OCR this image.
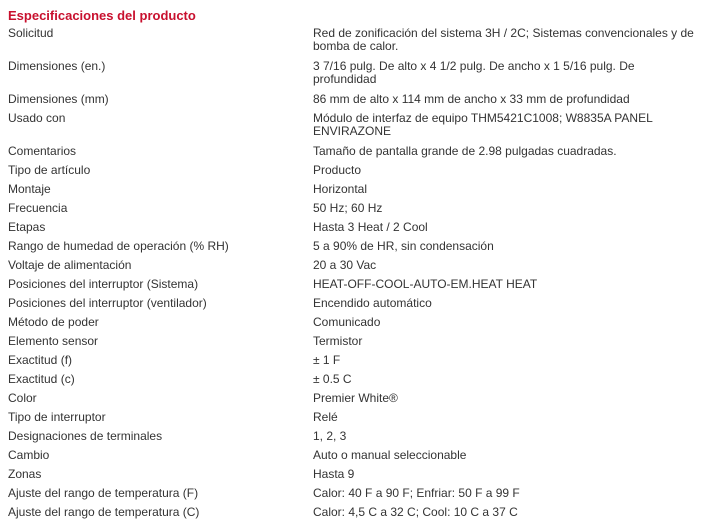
Especificaciones del producto
Solicitud	Red de zonificación del sistema 3H / 2C; Sistemas convencionales y de bomba de calor.
Dimensiones (en.)	3 7/16 pulg. De alto x 4 1/2 pulg. De ancho x 1 5/16 pulg. De profundidad
Dimensiones (mm)	86 mm de alto x 114 mm de ancho x 33 mm de profundidad
Usado con	Módulo de interfaz de equipo THM5421C1008; W8835A PANEL ENVIRAZONE
Comentarios	Tamaño de pantalla grande de 2.98 pulgadas cuadradas.
Tipo de artículo	Producto
Montaje	Horizontal
Frecuencia	50 Hz; 60 Hz
Etapas	Hasta 3 Heat / 2 Cool
Rango de humedad de operación (% RH)	5 a 90% de HR, sin condensación
Voltaje de alimentación	20 a 30 Vac
Posiciones del interruptor (Sistema)	HEAT-OFF-COOL-AUTO-EM.HEAT HEAT
Posiciones del interruptor (ventilador)	Encendido automático
Método de poder	Comunicado
Elemento sensor	Termistor
Exactitud (f)	± 1 F
Exactitud (c)	± 0.5 C
Color	Premier White®
Tipo de interruptor	Relé
Designaciones de terminales	1, 2, 3
Cambio	Auto o manual seleccionable
Zonas	Hasta 9
Ajuste del rango de temperatura (F)	Calor: 40 F a 90 F; Enfriar: 50 F a 99 F
Ajuste del rango de temperatura (C)	Calor: 4,5 C a 32 C; Cool: 10 C a 37 C
